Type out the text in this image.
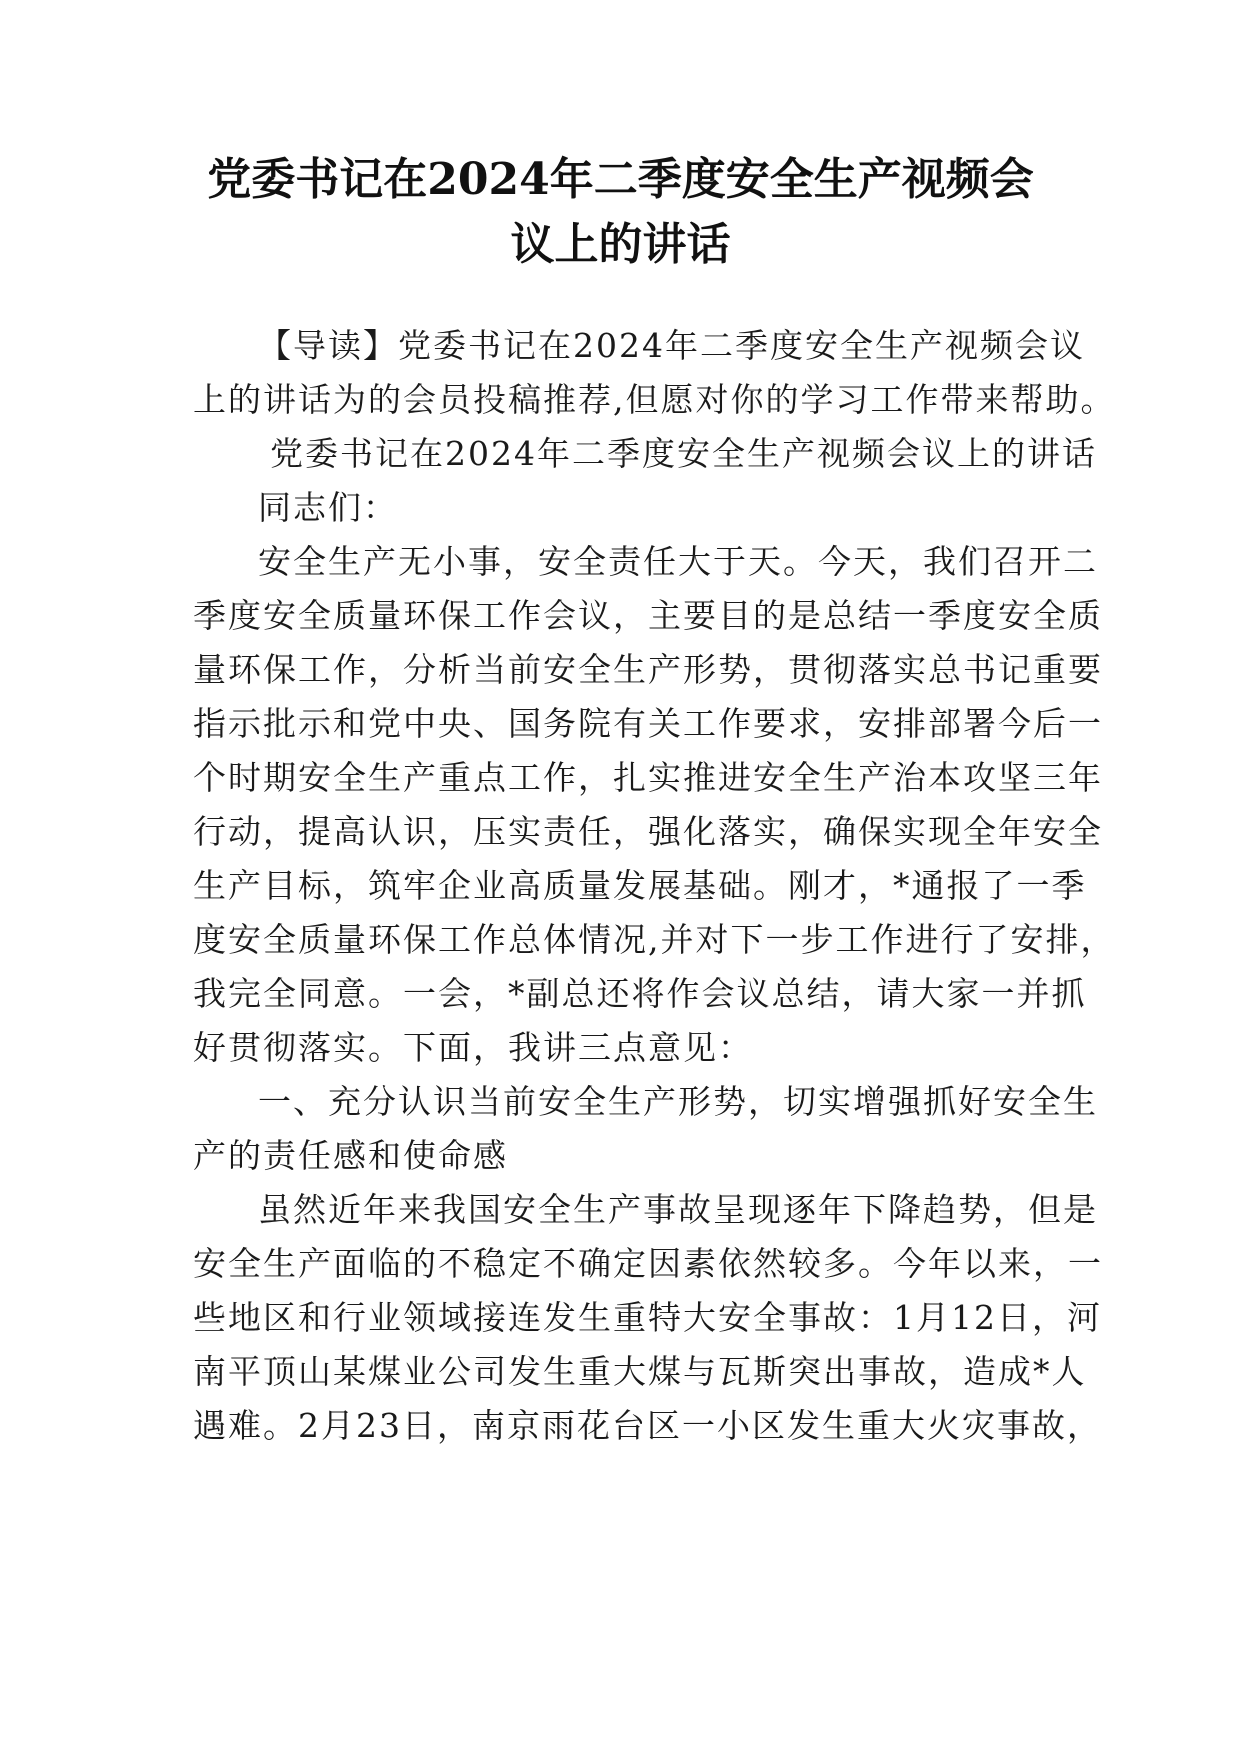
党委书记在2024年二季度安全生产视频会
议上的讲话
【导读】党委书记在2024年二季度安全生产视频会议
上的讲话为的会员投稿推荐,但愿对你的学习工作带来帮助。
党委书记在2024年二季度安全生产视频会议上的讲话
同志们：
安全生产无小事，安全责任大于天。今天，我们召开二
季度安全质量环保工作会议，主要目的是总结一季度安全质
量环保工作，分析当前安全生产形势，贯彻落实总书记重要
指示批示和党中央、国务院有关工作要求，安排部署今后一
个时期安全生产重点工作，扎实推进安全生产治本攻坚三年
行动，提高认识，压实责任，强化落实，确保实现全年安全
生产目标，筑牢企业高质量发展基础。刚才，*通报了一季
度安全质量环保工作总体情况,并对下一步工作进行了安排，
我完全同意。一会，*副总还将作会议总结，请大家一并抓
好贯彻落实。下面，我讲三点意见：
一、充分认识当前安全生产形势，切实增强抓好安全生
产的责任感和使命感
虽然近年来我国安全生产事故呈现逐年下降趋势，但是
安全生产面临的不稳定不确定因素依然较多。今年以来，一
些地区和行业领域接连发生重特大安全事故：1月12日，河
南平顶山某煤业公司发生重大煤与瓦斯突出事故，造成*人
遇难。2月23日，南京雨花台区一小区发生重大火灾事故，
